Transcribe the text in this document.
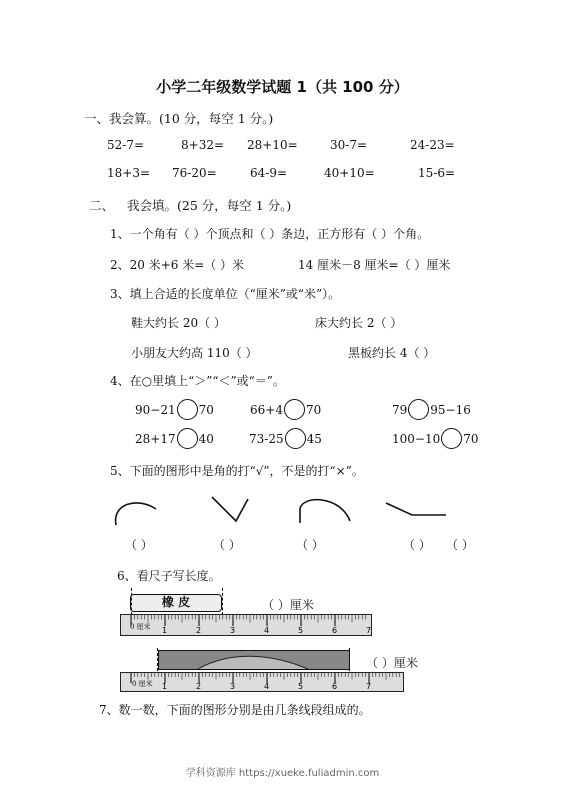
小学二年级数学试题 1（共 100 分）
一、我会算。(10 分，每空 1 分。)
52-7=	8+32= 28+10=	30-7=	24-23=
18+3= 76-20=	64-9=	40+10=	15-6=
二、 我会填。(25 分，每空 1 分。)
1、一个角有（ ）个顶点和（ ）条边，正方形有（ ）个角。
2、20 米+6 米=（ ）米	14 厘米－8 厘米=（ ）厘米
3、填上合适的长度单位（“厘米”或“米”）。
鞋大约长 20（ ）	床大约长 2（ ）
小朋友大约高 110（ ）	黑板约长 4（ ）
4、在○里填上“＞”“＜”或“＝”。
90−21 70	66+4 70	79 95−16
28+17 40	73-25 45	100−10 70
5、下面的图形中是角的打“√”，不是的打“×”。
（ ）	（ ）	（ ）	（ ） （ ）
6、看尺子写长度。
橡 皮	（ ）厘米
1	2	3	4	5	6	7
0 厘米
（ ）厘米
1	2	3	4	5	6	7
0 厘米
7、数一数，下面的图形分别是由几条线段组成的。
学科资源库 https://xueke.fuliadmin.com
